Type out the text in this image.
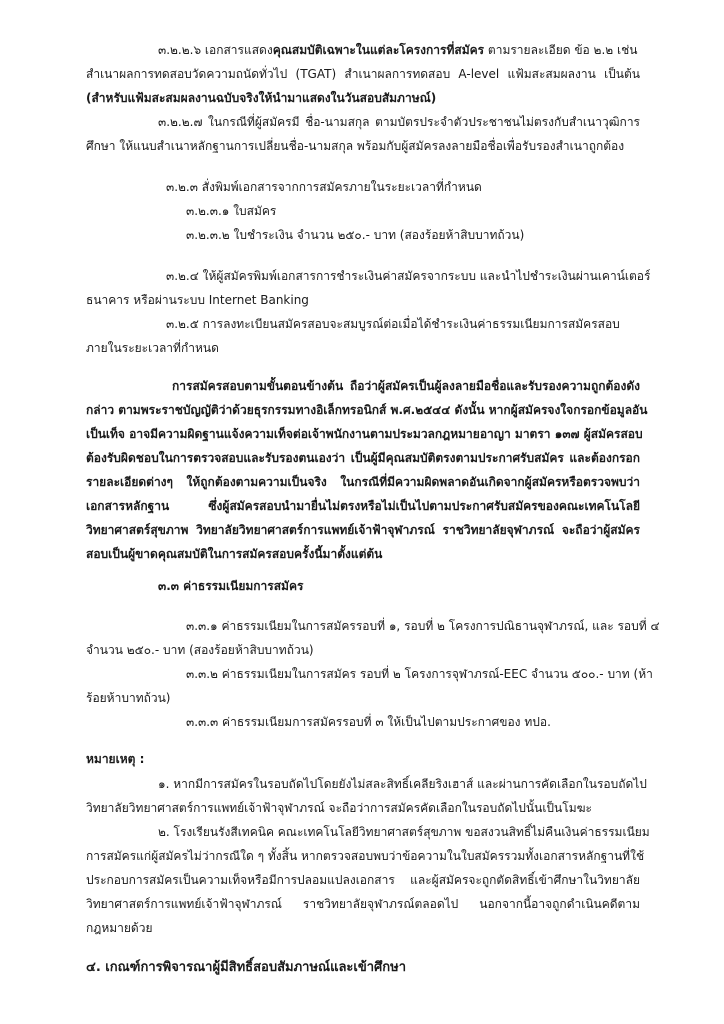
๓.๒.๒.๖ เอกสารแสดงคุณสมบัติเฉพาะในแต่ละโครงการที่สมัคร ตามรายละเอียด ข้อ ๒.๒ เช่น
สำเนาผลการทดสอบวัดความถนัดทั่วไป (TGAT) สำเนาผลการทดสอบ A-level แฟ้มสะสมผลงาน เป็นต้น
(สำหรับแฟ้มสะสมผลงานฉบับจริงให้นำมาแสดงในวันสอบสัมภาษณ์)
๓.๒.๒.๗ ในกรณีที่ผู้สมัครมี ชื่อ-นามสกุล ตามบัตรประจำตัวประชาชนไม่ตรงกับสำเนาวุฒิการ
ศึกษา ให้แนบสำเนาหลักฐานการเปลี่ยนชื่อ-นามสกุล พร้อมกับผู้สมัครลงลายมือชื่อเพื่อรับรองสำเนาถูกต้อง
๓.๒.๓ สั่งพิมพ์เอกสารจากการสมัครภายในระยะเวลาที่กำหนด
๓.๒.๓.๑ ใบสมัคร
๓.๒.๓.๒ ใบชำระเงิน จำนวน ๒๕๐.- บาท (สองร้อยห้าสิบบาทถ้วน)
๓.๒.๔ ให้ผู้สมัครพิมพ์เอกสารการชำระเงินค่าสมัครจากระบบ และนำไปชำระเงินผ่านเคาน์เตอร์
ธนาคาร หรือผ่านระบบ Internet Banking
๓.๒.๕ การลงทะเบียนสมัครสอบจะสมบูรณ์ต่อเมื่อได้ชำระเงินค่าธรรมเนียมการสมัครสอบ
ภายในระยะเวลาที่กำหนด
การสมัครสอบตามขั้นตอนข้างต้น ถือว่าผู้สมัครเป็นผู้ลงลายมือชื่อและรับรองความถูกต้องดัง
กล่าว ตามพระราชบัญญัติว่าด้วยธุรกรรมทางอิเล็กทรอนิกส์ พ.ศ.๒๕๔๔ ดังนั้น หากผู้สมัครจงใจกรอกข้อมูลอัน
เป็นเท็จ อาจมีความผิดฐานแจ้งความเท็จต่อเจ้าพนักงานตามประมวลกฎหมายอาญา มาตรา ๑๓๗ ผู้สมัครสอบ
ต้องรับผิดชอบในการตรวจสอบและรับรองตนเองว่า เป็นผู้มีคุณสมบัติตรงตามประกาศรับสมัคร และต้องกรอก
รายละเอียดต่างๆ ให้ถูกต้องตามความเป็นจริง ในกรณีที่มีความผิดพลาดอันเกิดจากผู้สมัครหรือตรวจพบว่า
เอกสารหลักฐาน ซึ่งผู้สมัครสอบนำมายื่นไม่ตรงหรือไม่เป็นไปตามประกาศรับสมัครของคณะเทคโนโลยี
วิทยาศาสตร์สุขภาพ วิทยาลัยวิทยาศาสตร์การแพทย์เจ้าฟ้าจุฬาภรณ์ ราชวิทยาลัยจุฬาภรณ์ จะถือว่าผู้สมัคร
สอบเป็นผู้ขาดคุณสมบัติในการสมัครสอบครั้งนี้มาตั้งแต่ต้น
๓.๓ ค่าธรรมเนียมการสมัคร
๓.๓.๑ ค่าธรรมเนียมในการสมัครรอบที่ ๑, รอบที่ ๒ โครงการปณิธานจุฬาภรณ์, และ รอบที่ ๔
จำนวน ๒๕๐.- บาท (สองร้อยห้าสิบบาทถ้วน)
๓.๓.๒ ค่าธรรมเนียมในการสมัคร รอบที่ ๒ โครงการจุฬาภรณ์-EEC จำนวน ๕๐๐.- บาท (ห้า
ร้อยห้าบาทถ้วน)
๓.๓.๓ ค่าธรรมเนียมการสมัครรอบที่ ๓ ให้เป็นไปตามประกาศของ ทปอ.
หมายเหตุ :
๑. หากมีการสมัครในรอบถัดไปโดยยังไม่สละสิทธิ์เคลียริงเฮาส์ และผ่านการคัดเลือกในรอบถัดไป
วิทยาลัยวิทยาศาสตร์การแพทย์เจ้าฟ้าจุฬาภรณ์ จะถือว่าการสมัครคัดเลือกในรอบถัดไปนั้นเป็นโมฆะ
๒. โรงเรียนรังสีเทคนิค คณะเทคโนโลยีวิทยาศาสตร์สุขภาพ ขอสงวนสิทธิ์ไม่คืนเงินค่าธรรมเนียม
การสมัครแก่ผู้สมัครไม่ว่ากรณีใด ๆ ทั้งสิ้น หากตรวจสอบพบว่าข้อความในใบสมัครรวมทั้งเอกสารหลักฐานที่ใช้
ประกอบการสมัครเป็นความเท็จหรือมีการปลอมแปลงเอกสาร และผู้สมัครจะถูกตัดสิทธิ์เข้าศึกษาในวิทยาลัย
วิทยาศาสตร์การแพทย์เจ้าฟ้าจุฬาภรณ์ ราชวิทยาลัยจุฬาภรณ์ตลอดไป นอกจากนี้อาจถูกดำเนินคดีตาม
กฎหมายด้วย
๔. เกณฑ์การพิจารณาผู้มีสิทธิ์สอบสัมภาษณ์และเข้าศึกษา
